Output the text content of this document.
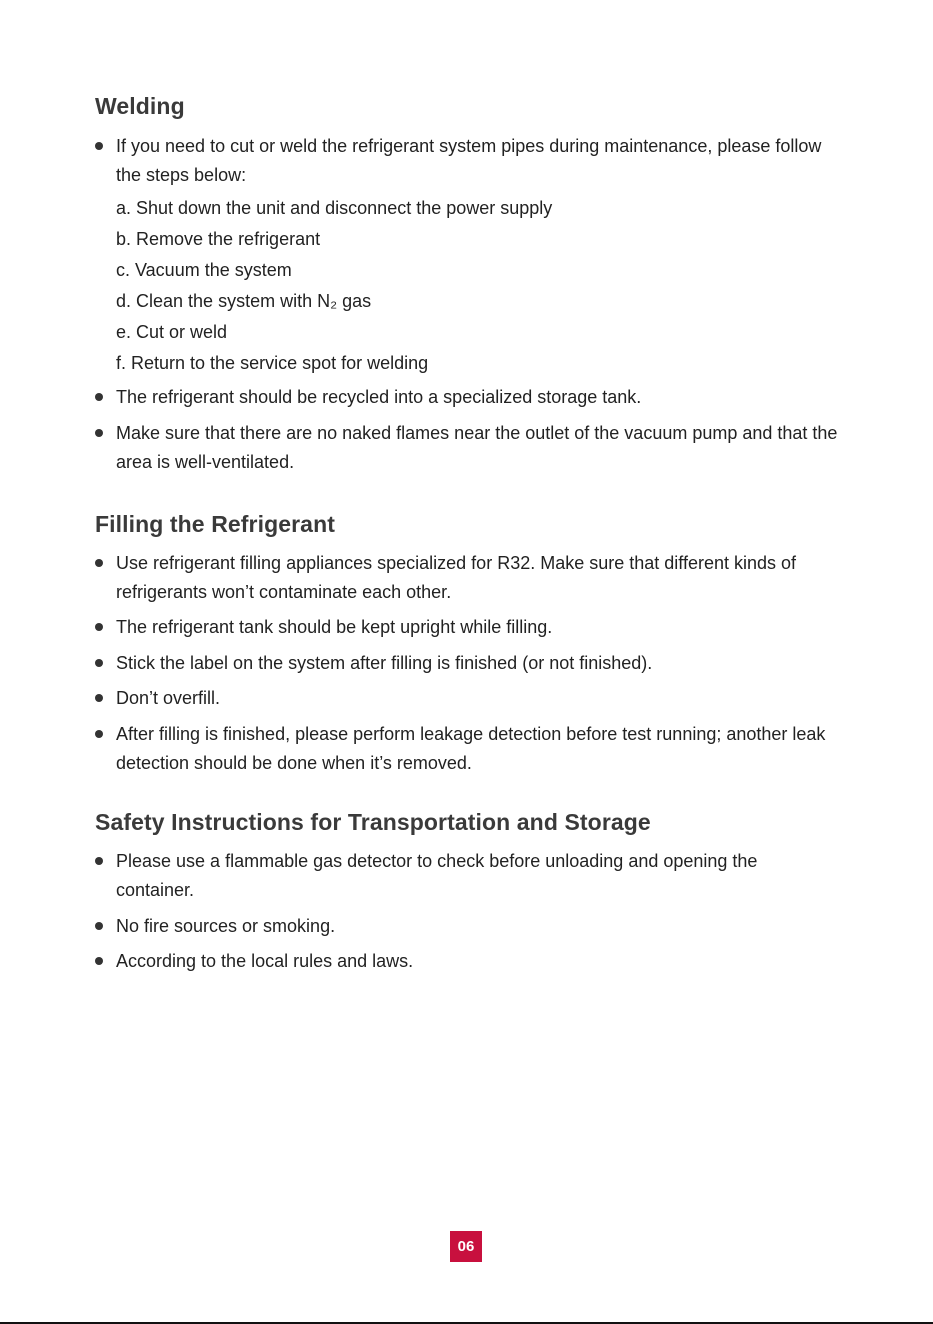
Welding
If you need to cut or weld the refrigerant system pipes during maintenance, please follow the steps below:
a. Shut down the unit and disconnect the power supply
b. Remove the refrigerant
c. Vacuum the system
d. Clean the system with N₂ gas
e. Cut or weld
f. Return to the service spot for welding
The refrigerant should be recycled into a specialized storage tank.
Make sure that there are no naked flames near the outlet of the vacuum pump and that the area is well-ventilated.
Filling the Refrigerant
Use refrigerant filling appliances specialized for R32. Make sure that different kinds of refrigerants won’t contaminate each other.
The refrigerant tank should be kept upright while filling.
Stick the label on the system after filling is finished (or not finished).
Don’t overfill.
After filling is finished, please perform leakage detection before test running; another leak detection should be done when it’s removed.
Safety Instructions for Transportation and Storage
Please use a flammable gas detector to check before unloading and opening the container.
No fire sources or smoking.
According to the local rules and laws.
06
